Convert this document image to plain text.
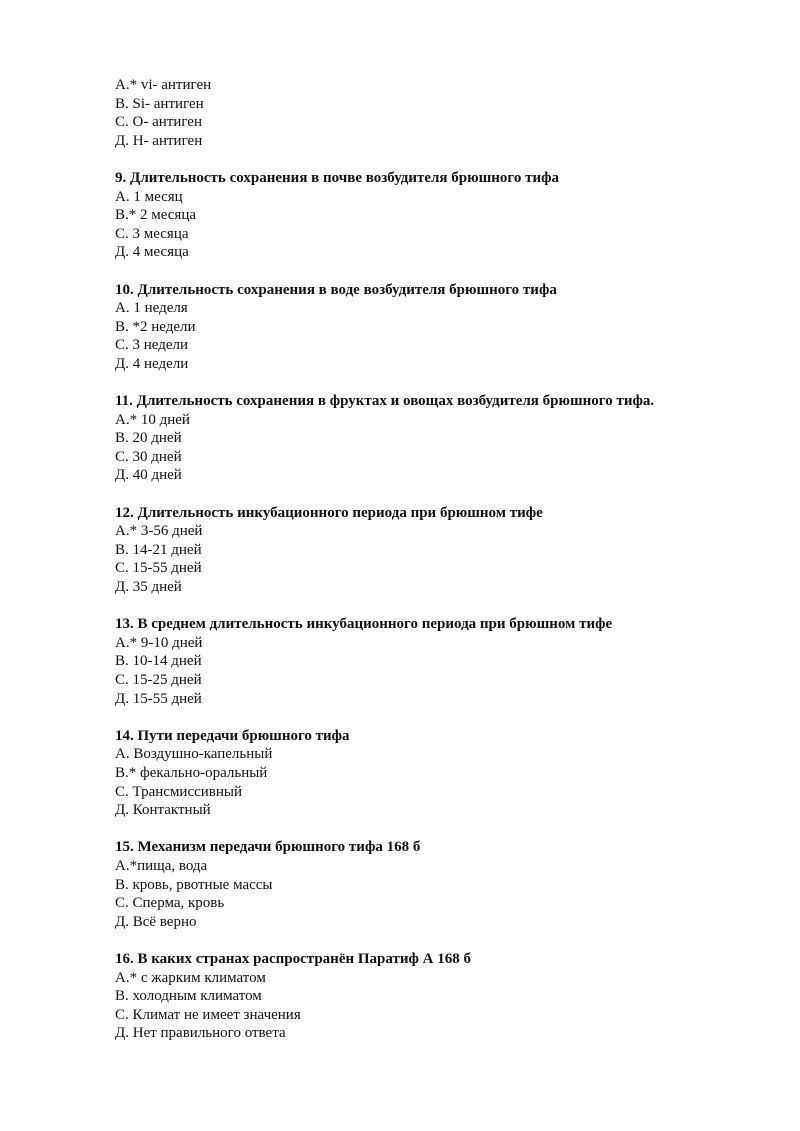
А.* vi- антиген
В. Si- антиген
С. О- антиген
Д. Н- антиген
9. Длительность сохранения в почве возбудителя брюшного тифа
А. 1 месяц
В.* 2 месяца
С. 3 месяца
Д. 4 месяца
10. Длительность сохранения в воде возбудителя брюшного тифа
А. 1 неделя
В. *2 недели
С. 3 недели
Д. 4 недели
11. Длительность сохранения в фруктах и овощах возбудителя брюшного тифа.
А.* 10 дней
В. 20 дней
С. 30 дней
Д. 40 дней
12. Длительность инкубационного периода при брюшном тифе
А.* 3-56 дней
В. 14-21 дней
С. 15-55 дней
Д. 35 дней
13. В среднем длительность инкубационного периода при брюшном тифе
А.* 9-10 дней
В. 10-14 дней
С. 15-25 дней
Д. 15-55 дней
14. Пути передачи брюшного тифа
А. Воздушно-капельный
В.* фекально-оральный
С. Трансмиссивный
Д. Контактный
15. Механизм передачи брюшного тифа 168 б
А.*пища, вода
В. кровь, рвотные массы
С. Сперма, кровь
Д. Всё верно
16. В каких странах распространён Паратиф А 168 б
А.* с жарким климатом
В. холодным климатом
С. Климат не имеет значения
Д. Нет правильного ответа
